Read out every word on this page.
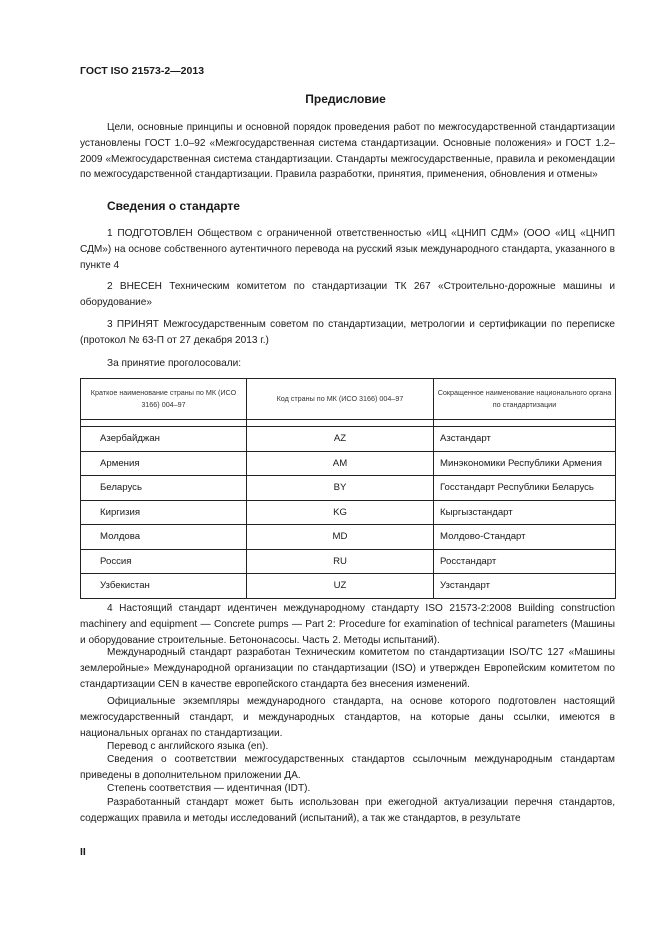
ГОСТ ISO 21573-2—2013
Предисловие

Цели, основные принципы и основной порядок проведения работ по межгосударственной стандартизации установлены ГОСТ 1.0–92 «Межгосударственная система стандартизации. Основные положения» и ГОСТ 1.2–2009 «Межгосударственная система стандартизации. Стандарты межгосударственные, правила и рекомендации по межгосударственной стандартизации. Правила разработки, принятия, применения, обновления и отмены»

Сведения о стандарте

1 ПОДГОТОВЛЕН Обществом с ограниченной ответственностью «ИЦ «ЦНИП СДМ» (ООО «ИЦ «ЦНИП СДМ») на основе собственного аутентичного перевода на русский язык международного стандарта, указанного в пункте 4

2 ВНЕСЕН Техническим комитетом по стандартизации ТК 267 «Строительно-дорожные машины и оборудование»

3 ПРИНЯТ Межгосударственным советом по стандартизации, метрологии и сертификации по переписке (протокол № 63-П от 27 декабря 2013 г.)

За принятие проголосовали:

Краткое наименование страны по МК (ИСО 3166) 004–97	Код страны по МК (ИСО 3166) 004–97	Сокращенное наименование национального органа по стандартизации

Азербайджан	AZ	Азстандарт
Армения	AM	Минэкономики Республики Армения
Беларусь	BY	Госстандарт Республики Беларусь
Киргизия	KG	Кыргызстандарт
Молдова	MD	Молдово-Стандарт
Россия	RU	Росстандарт
Узбекистан	UZ	Узстандарт

4 Настоящий стандарт идентичен международному стандарту ISO 21573-2:2008 Building construction machinery and equipment — Concrete pumps — Part 2: Procedure for examination of technical parameters (Машины и оборудование строительные. Бетононасосы. Часть 2. Методы испытаний).

Международный стандарт разработан Техническим комитетом по стандартизации ISO/TC 127 «Машины землеройные» Международной организации по стандартизации (ISO) и утвержден Европейским комитетом по стандартизации CEN в качестве европейского стандарта без внесения изменений.

Официальные экземпляры международного стандарта, на основе которого подготовлен настоящий межгосударственный стандарт, и международных стандартов, на которые даны ссылки, имеются в национальных органах по стандартизации.

Перевод с английского языка (en).

Сведения о соответствии межгосударственных стандартов ссылочным международным стандартам приведены в дополнительном приложении ДА.

Степень соответствия — идентичная (IDT).

Разработанный стандарт может быть использован при ежегодной актуализации перечня стандартов, содержащих правила и методы исследований (испытаний), а так же стандартов, в результате

II
